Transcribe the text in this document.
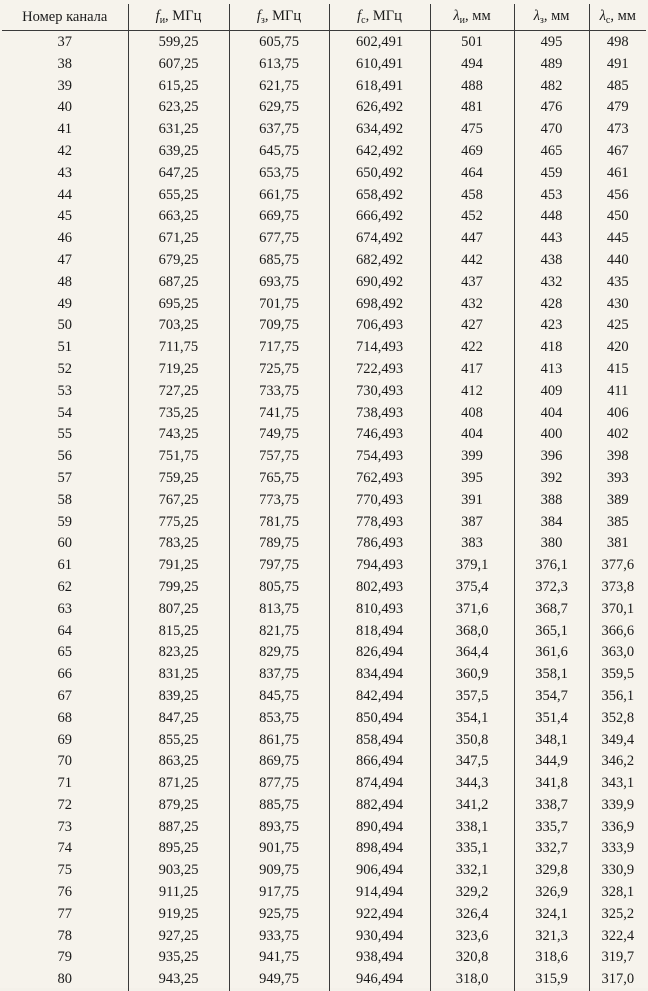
Номер канала	$f_и$, МГц	$f_з$, МГц	$f_с$, МГц	$\lambda_и$, мм	$\lambda_з$, мм	$\lambda_с$, мм
37	599,25	605,75	602,491	501	495	498
38	607,25	613,75	610,491	494	489	491
39	615,25	621,75	618,491	488	482	485
40	623,25	629,75	626,492	481	476	479
41	631,25	637,75	634,492	475	470	473
42	639,25	645,75	642,492	469	465	467
43	647,25	653,75	650,492	464	459	461
44	655,25	661,75	658,492	458	453	456
45	663,25	669,75	666,492	452	448	450
46	671,25	677,75	674,492	447	443	445
47	679,25	685,75	682,492	442	438	440
48	687,25	693,75	690,492	437	432	435
49	695,25	701,75	698,492	432	428	430
50	703,25	709,75	706,493	427	423	425
51	711,75	717,75	714,493	422	418	420
52	719,25	725,75	722,493	417	413	415
53	727,25	733,75	730,493	412	409	411
54	735,25	741,75	738,493	408	404	406
55	743,25	749,75	746,493	404	400	402
56	751,75	757,75	754,493	399	396	398
57	759,25	765,75	762,493	395	392	393
58	767,25	773,75	770,493	391	388	389
59	775,25	781,75	778,493	387	384	385
60	783,25	789,75	786,493	383	380	381
61	791,25	797,75	794,493	379,1	376,1	377,6
62	799,25	805,75	802,493	375,4	372,3	373,8
63	807,25	813,75	810,493	371,6	368,7	370,1
64	815,25	821,75	818,494	368,0	365,1	366,6
65	823,25	829,75	826,494	364,4	361,6	363,0
66	831,25	837,75	834,494	360,9	358,1	359,5
67	839,25	845,75	842,494	357,5	354,7	356,1
68	847,25	853,75	850,494	354,1	351,4	352,8
69	855,25	861,75	858,494	350,8	348,1	349,4
70	863,25	869,75	866,494	347,5	344,9	346,2
71	871,25	877,75	874,494	344,3	341,8	343,1
72	879,25	885,75	882,494	341,2	338,7	339,9
73	887,25	893,75	890,494	338,1	335,7	336,9
74	895,25	901,75	898,494	335,1	332,7	333,9
75	903,25	909,75	906,494	332,1	329,8	330,9
76	911,25	917,75	914,494	329,2	326,9	328,1
77	919,25	925,75	922,494	326,4	324,1	325,2
78	927,25	933,75	930,494	323,6	321,3	322,4
79	935,25	941,75	938,494	320,8	318,6	319,7
80	943,25	949,75	946,494	318,0	315,9	317,0
